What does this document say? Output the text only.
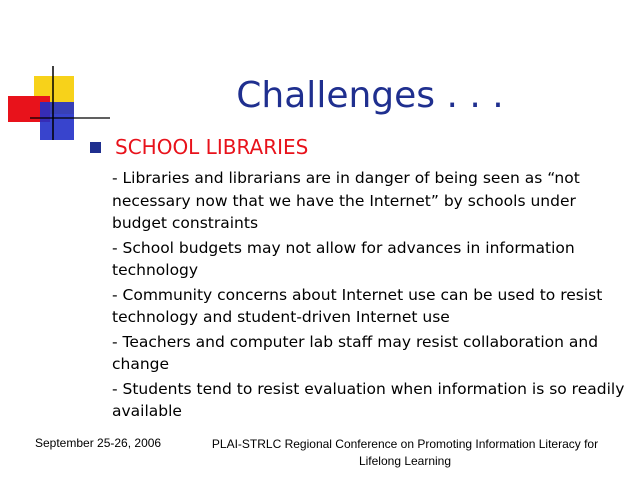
Challenges . . .
SCHOOL LIBRARIES
- Libraries and librarians are in danger of being seen as “not necessary now that we have the Internet” by schools under budget constraints
- School budgets may not allow for advances in information technology
- Community concerns about Internet use can be used to resist technology and student-driven Internet use
- Teachers and computer lab staff may resist collaboration and change
- Students tend to resist evaluation when information is so readily available
September 25-26, 2006	PLAI-STRLC Regional Conference on Promoting Information Literacy for Lifelong Learning
